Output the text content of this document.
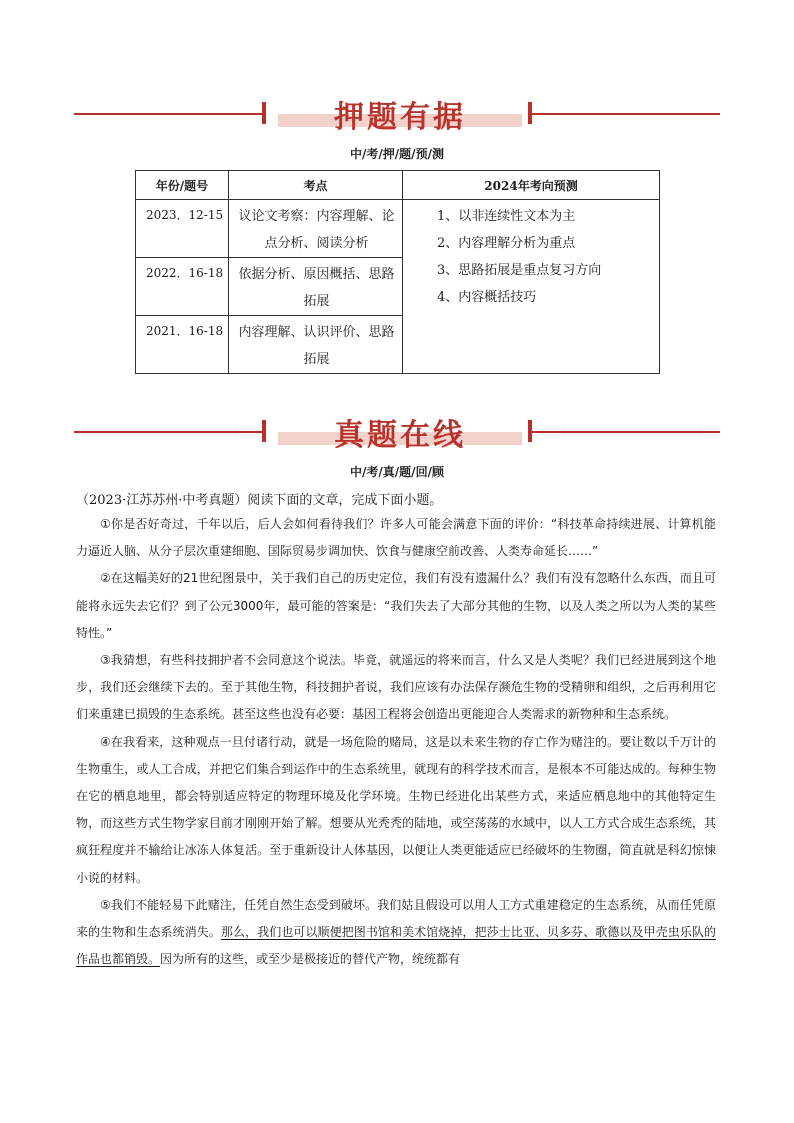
押题有据
中/考/押/题/预/测
年份/题号	考点	2024年考向预测
2023．12-15	议论文考察：内容理解、论点分析、阅读分析	1、以非连续性文本为主
2、内容理解分析为重点
3、思路拓展是重点复习方向
4、内容概括技巧

2022．16-18	依据分析、原因概括、思路拓展	
2021．16-18	内容理解、认识评价、思路拓展	
真题在线
中/考/真/题/回/顾
（2023·江苏苏州·中考真题）阅读下面的文章，完成下面小题。

①你是否好奇过，千年以后，后人会如何看待我们？许多人可能会满意下面的评价：“科技革命持续进展、计算机能力逼近人脑、从分子层次重建细胞、国际贸易步调加快、饮食与健康空前改善、人类寿命延长……”

②在这幅美好的21世纪图景中，关于我们自己的历史定位，我们有没有遗漏什么？我们有没有忽略什么东西，而且可能将永远失去它们？到了公元3000年，最可能的答案是：“我们失去了大部分其他的生物，以及人类之所以为人类的某些特性。”

③我猜想，有些科技拥护者不会同意这个说法。毕竟，就遥远的将来而言，什么又是人类呢？我们已经进展到这个地步，我们还会继续下去的。至于其他生物，科技拥护者说，我们应该有办法保存濒危生物的受精卵和组织，之后再利用它们来重建已损毁的生态系统。甚至这些也没有必要：基因工程将会创造出更能迎合人类需求的新物种和生态系统。

④在我看来，这种观点一旦付诸行动，就是一场危险的赌局，这是以未来生物的存亡作为赌注的。要让数以千万计的生物重生，或人工合成，并把它们集合到运作中的生态系统里，就现有的科学技术而言，是根本不可能达成的。每种生物在它的栖息地里，都会特别适应特定的物理环境及化学环境。生物已经进化出某些方式，来适应栖息地中的其他特定生物，而这些方式生物学家目前才刚刚开始了解。想要从光秃秃的陆地，或空荡荡的水域中，以人工方式合成生态系统，其疯狂程度并不输给让冰冻人体复活。至于重新设计人体基因，以便让人类更能适应已经破坏的生物圈，简直就是科幻惊悚小说的材料。

⑤我们不能轻易下此赌注，任凭自然生态受到破坏。我们姑且假设可以用人工方式重建稳定的生态系统，从而任凭原来的生物和生态系统消失。那么，我们也可以顺便把图书馆和美术馆烧掉，把莎士比亚、贝多芬、歌德以及甲壳虫乐队的作品也都销毁。因为所有的这些，或至少是极接近的替代产物，统统都有
